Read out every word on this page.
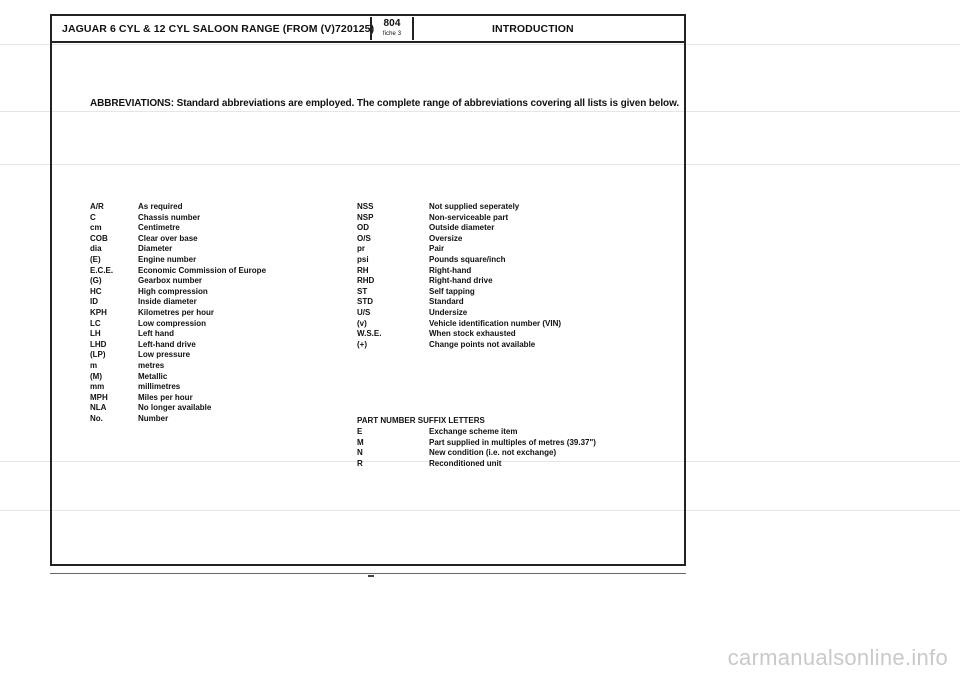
JAGUAR 6 CYL & 12 CYL SALOON RANGE (FROM (V)720125) 804
fiche 3	INTRODUCTION
ABBREVIATIONS: Standard abbreviations are employed. The complete range of abbreviations covering all lists is given below.
A/R	As required
C	Chassis number
cm	Centimetre
COB	Clear over base
dia	Diameter
(E)	Engine number
E.C.E.	Economic Commission of Europe
(G)	Gearbox number
HC	High compression
ID	Inside diameter
KPH	Kilometres per hour
LC	Low compression
LH	Left hand
LHD	Left-hand drive
(LP)	Low pressure
m	metres
(M)	Metallic
mm	millimetres
MPH	Miles per hour
NLA	No longer available
No.	Number
NSS	Not supplied seperately
NSP	Non-serviceable part
OD	Outside diameter
O/S	Oversize
pr	Pair
psi	Pounds square/inch
RH	Right-hand
RHD	Right-hand drive
ST	Self tapping
STD	Standard
U/S	Undersize
(v)	Vehicle identification number (VIN)
W.S.E.	When stock exhausted
(+)	Change points not available
PART NUMBER SUFFIX LETTERS
E	Exchange scheme item
M	Part supplied in multiples of metres (39.37")
N	New condition (i.e. not exchange)
R	Reconditioned unit
carmanualsonline.info
